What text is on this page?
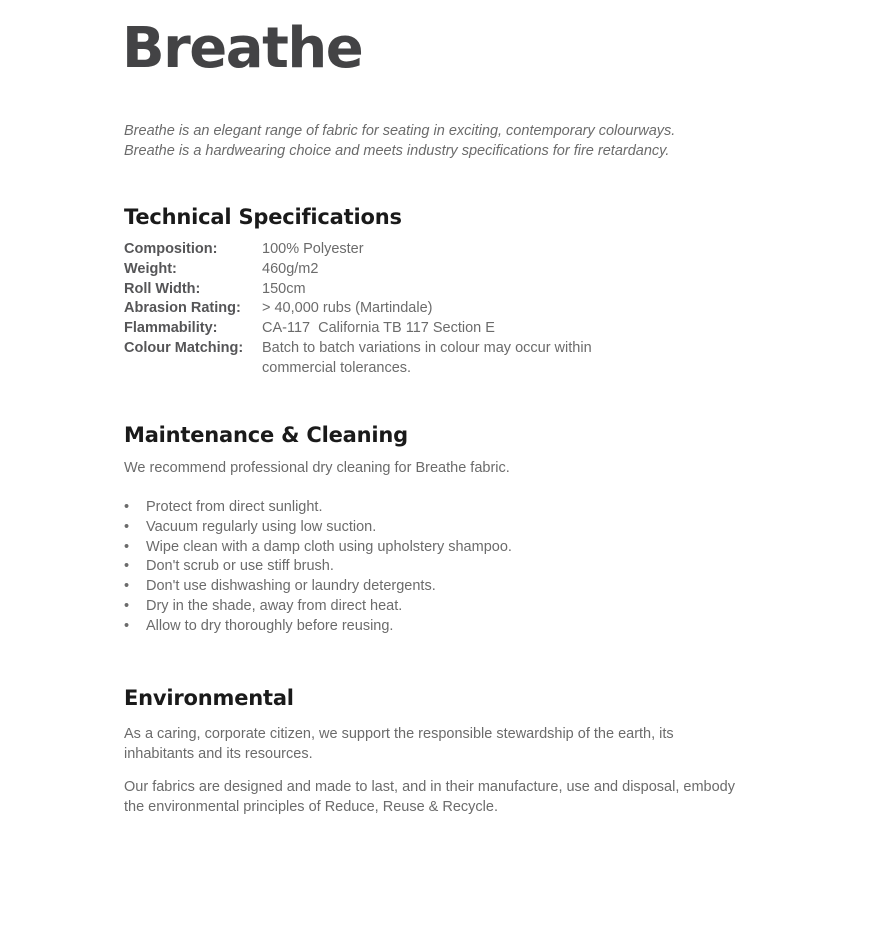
Breathe

Breathe is an elegant range of fabric for seating in exciting, contemporary colourways.
Breathe is a hardwearing choice and meets industry specifications for fire retardancy.

Technical Specifications
Composition:	100% Polyester
Weight:	460g/m2
Roll Width:	150cm
Abrasion Rating:	> 40,000 rubs (Martindale)
Flammability:	CA-117  California TB 117 Section E
Colour Matching:	Batch to batch variations in colour may occur within commercial tolerances.
Maintenance & Cleaning

We recommend professional dry cleaning for Breathe fabric.

•	Protect from direct sunlight.
•	Vacuum regularly using low suction.
•	Wipe clean with a damp cloth using upholstery shampoo.
•	Don't scrub or use stiff brush.
•	Don't use dishwashing or laundry detergents.
•	Dry in the shade, away from direct heat.
•	Allow to dry thoroughly before reusing.
Environmental

As a caring, corporate citizen, we support the responsible stewardship of the earth, its inhabitants and its resources.

Our fabrics are designed and made to last, and in their manufacture, use and disposal, embody the environmental principles of Reduce, Reuse & Recycle.
